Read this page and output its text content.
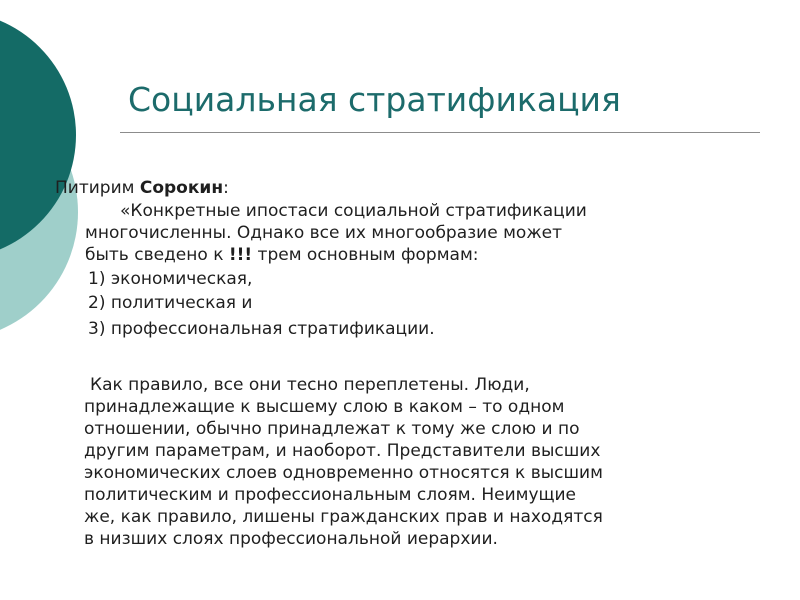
Социальная стратификация

Питирим Сорокин:

«Конкретные ипостаси социальной стратификации

многочисленны. Однако все их многообразие может

быть сведено к !!! трем основным формам:

1) экономическая,

2) политическая и

3) профессиональная стратификации.

Как правило, все они тесно переплетены. Люди,

принадлежащие к высшему слою в каком – то одном

отношении, обычно принадлежат к тому же слою и по

другим параметрам, и наоборот. Представители высших

экономических слоев одновременно относятся к высшим

политическим и профессиональным слоям. Неимущие

же, как правило, лишены гражданских прав и находятся

в низших слоях профессиональной иерархии.
